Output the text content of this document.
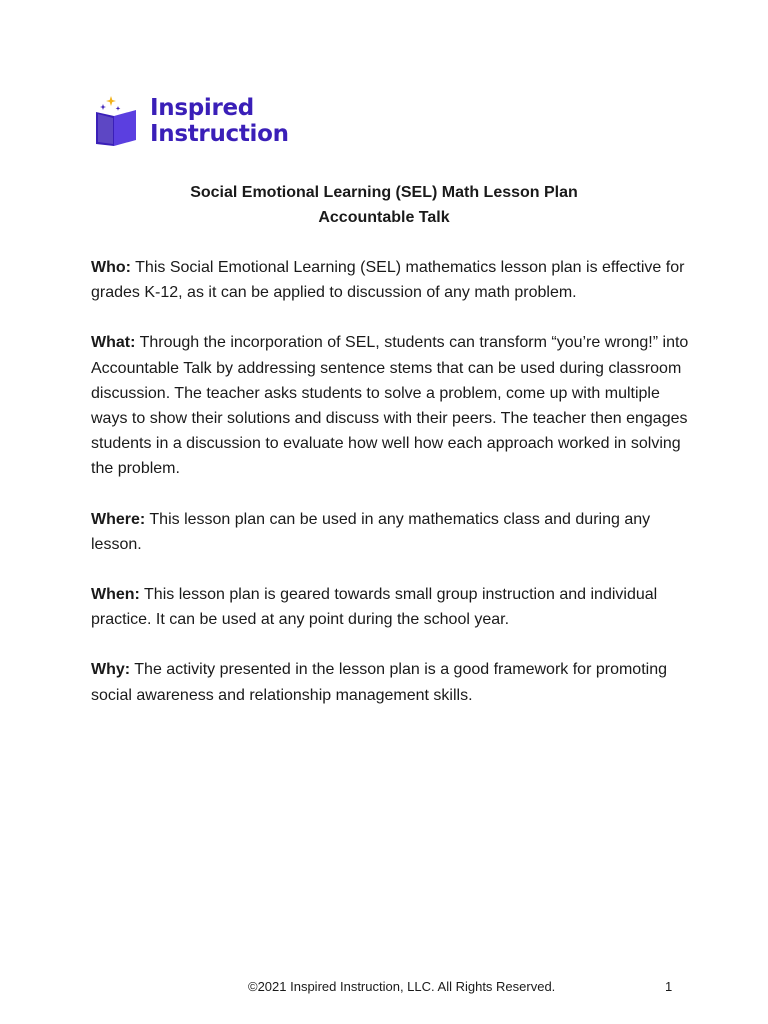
Inspired
Instruction
Social Emotional Learning (SEL) Math Lesson Plan
Accountable Talk

Who: This Social Emotional Learning (SEL) mathematics lesson plan is effective for grades K-12, as it can be applied to discussion of any math problem.

What: Through the incorporation of SEL, students can transform “you’re wrong!” into Accountable Talk by addressing sentence stems that can be used during classroom discussion. The teacher asks students to solve a problem, come up with multiple ways to show their solutions and discuss with their peers. The teacher then engages students in a discussion to evaluate how well how each approach worked in solving the problem.

Where: This lesson plan can be used in any mathematics class and during any lesson.

When: This lesson plan is geared towards small group instruction and individual practice. It can be used at any point during the school year.

Why: The activity presented in the lesson plan is a good framework for promoting social awareness and relationship management skills.

©2021 Inspired Instruction, LLC. All Rights Reserved.	1
